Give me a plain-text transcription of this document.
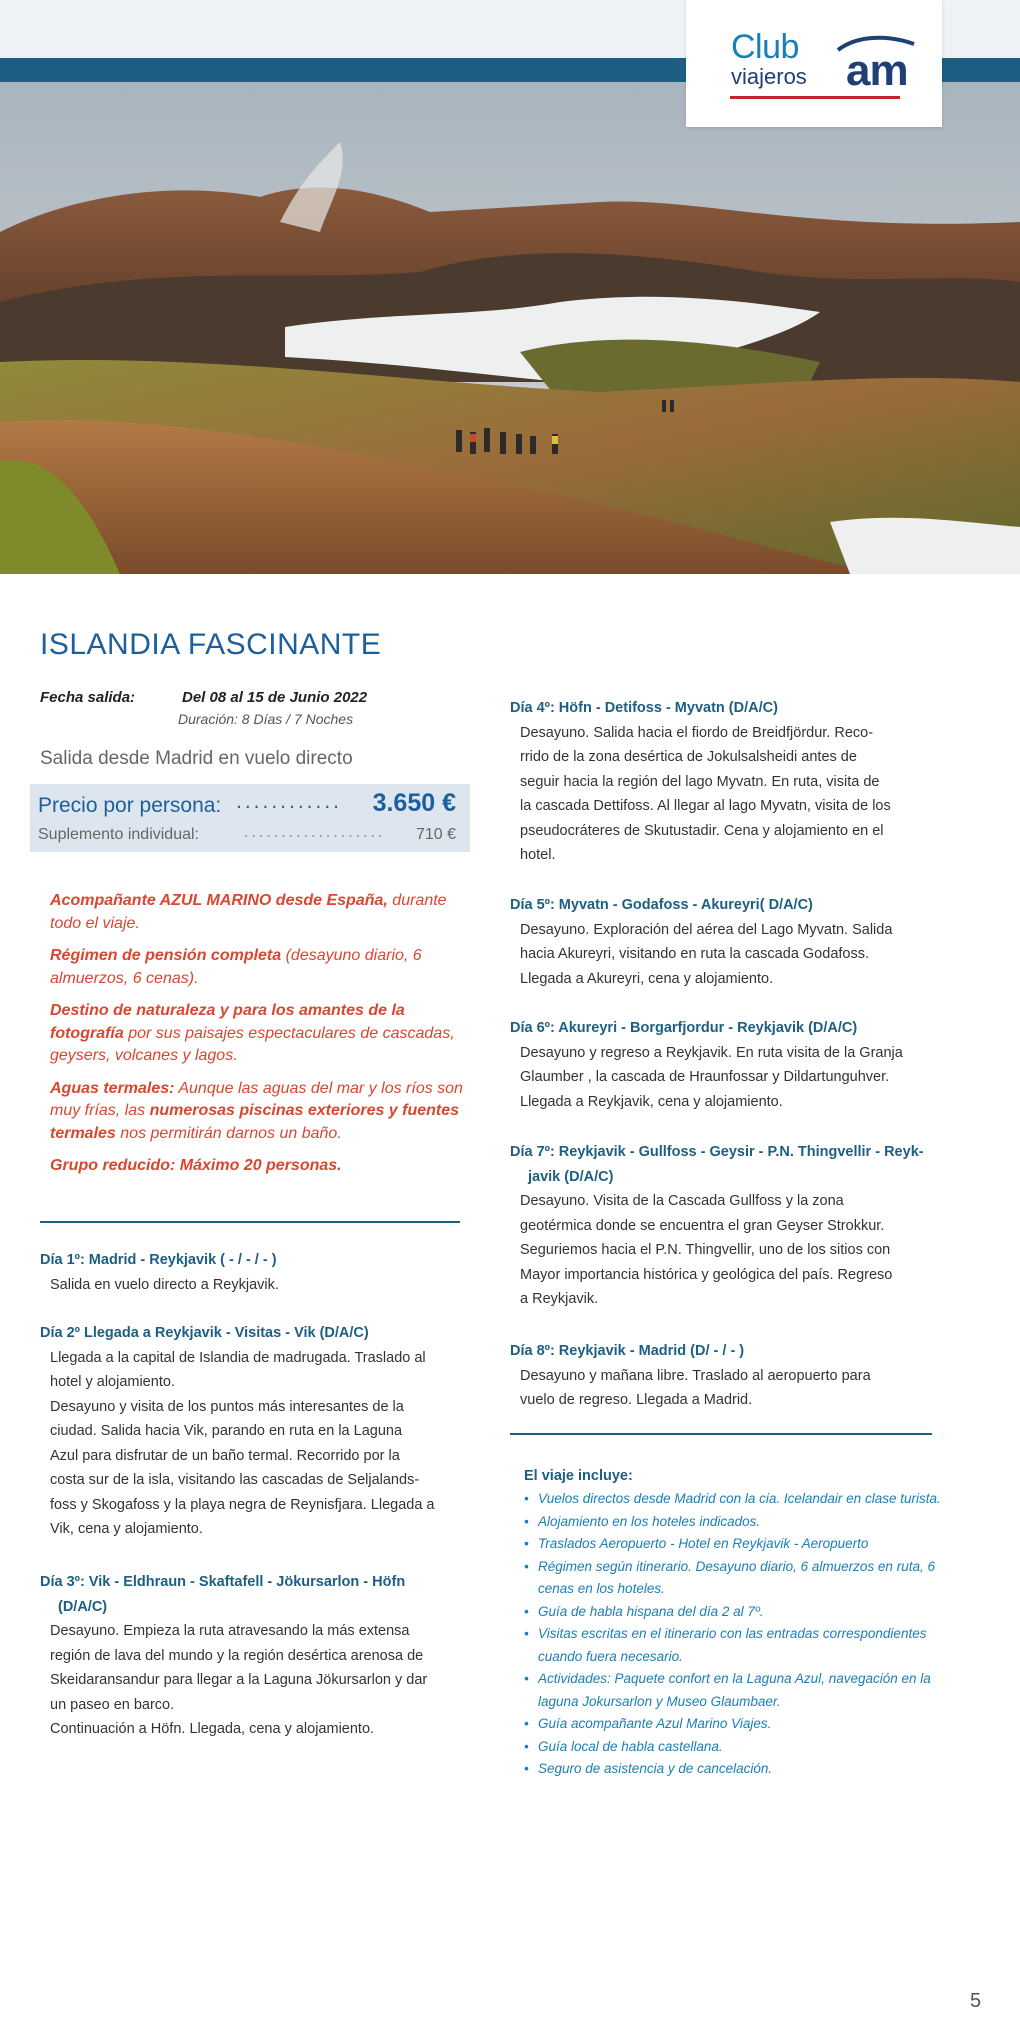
Club
viajeros am
ISLANDIA FASCINANTE
Fecha salida:	Del 08 al 15 de Junio 2022
Duración: 8 Días / 7 Noches
Salida desde Madrid en vuelo directo
Precio por persona: ............ 3.650 €
Suplemento individual:	................... 710 €

Acompañante AZUL MARINO desde España, durante todo el viaje.

Régimen de pensión completa (desayuno diario, 6 almuerzos, 6 cenas).

Destino de naturaleza y para los amantes de la fotografía por sus paisajes espectaculares de cascadas, geysers, volcanes y lagos.

Aguas termales: Aunque las aguas del mar y los ríos son muy frías, las numerosas piscinas exteriores y fuentes termales nos permitirán darnos un baño.

Grupo reducido: Máximo 20 personas.

Día 1º: Madrid - Reykjavik ( - / - / - )
Salida en vuelo directo a Reykjavik.
Día 2º Llegada a Reykjavik - Visitas - Vik (D/A/C)
Llegada a la capital de Islandia de madrugada. Traslado al
hotel y alojamiento.
Desayuno y visita de los puntos más interesantes de la
ciudad. Salida hacia Vik, parando en ruta en la Laguna
Azul para disfrutar de un baño termal. Recorrido por la
costa sur de la isla, visitando las cascadas de Seljalands-
foss y Skogafoss y la playa negra de Reynisfjara. Llegada a
Vik, cena y alojamiento.
Día 3º: Vik - Eldhraun - Skaftafell - Jökursarlon - Höfn
(D/A/C)
Desayuno. Empieza la ruta atravesando la más extensa
región de lava del mundo y la región desértica arenosa de
Skeidaransandur para llegar a la Laguna Jökursarlon y dar
un paseo en barco.
Continuación a Höfn. Llegada, cena y alojamiento.
Día 4º: Höfn - Detifoss - Myvatn (D/A/C)
Desayuno. Salida hacia el fiordo de Breidfjördur. Reco-
rrido de la zona desértica de Jokulsalsheidi antes de
seguir hacia la región del lago Myvatn. En ruta, visita de
la cascada Dettifoss. Al llegar al lago Myvatn, visita de los
pseudocráteres de Skutustadir. Cena y alojamiento en el
hotel.
Día 5º: Myvatn - Godafoss - Akureyri( D/A/C)
Desayuno. Exploración del aérea del Lago Myvatn. Salida
hacia Akureyri, visitando en ruta la cascada Godafoss.
Llegada a Akureyri, cena y alojamiento.
Día 6º: Akureyri - Borgarfjordur - Reykjavik (D/A/C)
Desayuno y regreso a Reykjavik. En ruta visita de la Granja
Glaumber , la cascada de Hraunfossar y Dildartunguhver.
Llegada a Reykjavik, cena y alojamiento.
Día 7º: Reykjavik - Gullfoss - Geysir - P.N. Thingvellir - Reyk-
javik (D/A/C)
Desayuno. Visita de la Cascada Gullfoss y la zona
geotérmica donde se encuentra el gran Geyser Strokkur.
Seguriemos hacia el P.N. Thingvellir, uno de los sitios con
Mayor importancia histórica y geológica del país. Regreso
a Reykjavik.
Día 8º: Reykjavik - Madrid (D/ - / - )
Desayuno y mañana libre. Traslado al aeropuerto para
vuelo de regreso. Llegada a Madrid.
El viaje incluye:
• Vuelos directos desde Madrid con la cia. Icelandair en clase turista.
• Alojamiento en los hoteles indicados.
• Traslados Aeropuerto - Hotel en Reykjavik - Aeropuerto
• Régimen según itinerario. Desayuno diario, 6 almuerzos en ruta, 6 cenas en los hoteles.
• Guía de habla hispana del día 2 al 7º.
• Visitas escritas en el itinerario con las entradas correspondientes cuando fuera necesario.
• Actividades: Paquete confort en la Laguna Azul, navegación en la laguna Jokursarlon y Museo Glaumbaer.
• Guía acompañante Azul Marino Viajes.
• Guía local de habla castellana.
• Seguro de asistencia y de cancelación.
5
